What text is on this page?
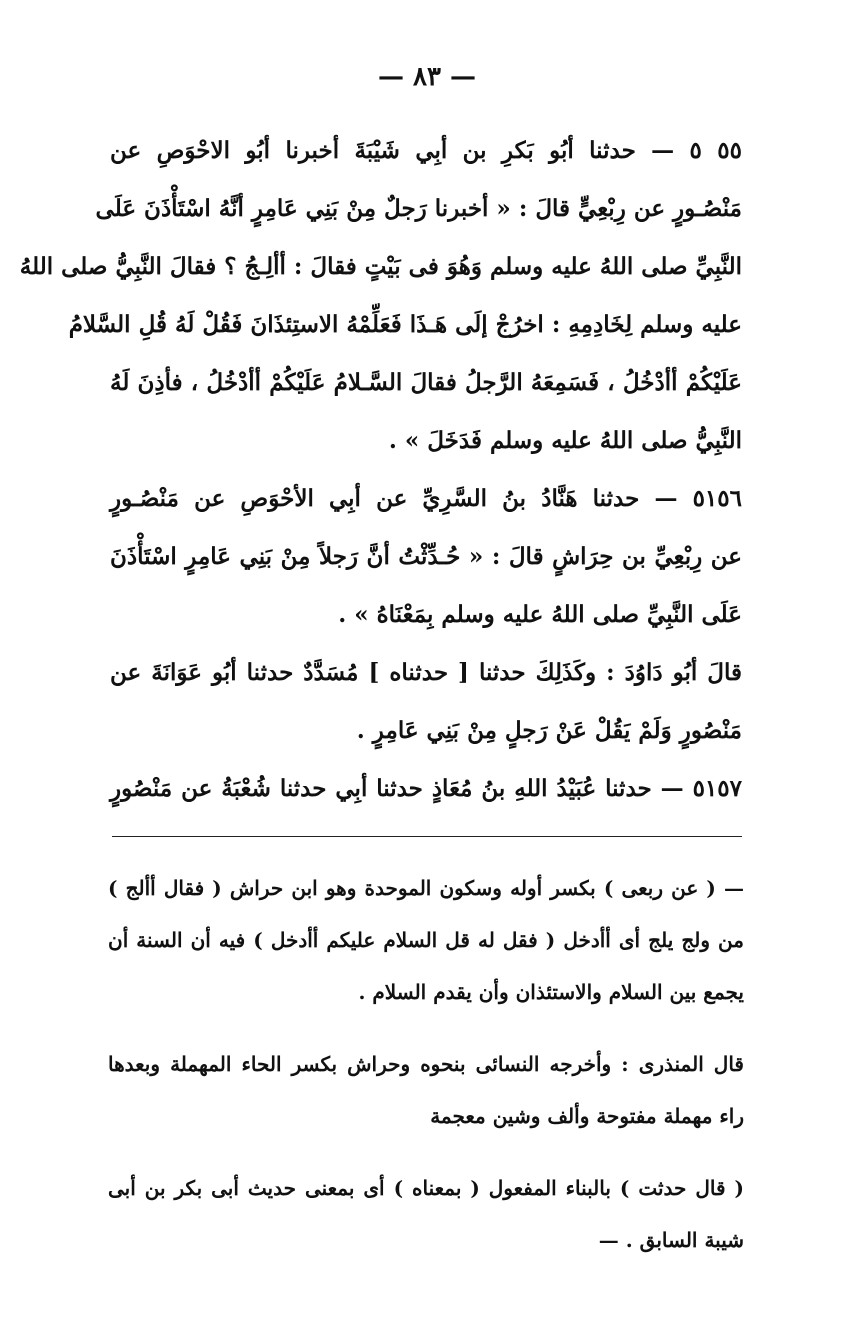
— ٨٣ —
٥٥ ٥ — حدثنا أبُو بَكرِ بن أبِي شَيْبَةَ أخبرنا أبُو الاحْوَصِ عن
مَنْصُـورٍ عن رِبْعِيٍّ قالَ : « أخبرنا رَجلٌ مِنْ بَنِي عَامِرٍ أنَّهُ اسْتَأْذَنَ عَلَى
النَّبِيِّ صلى اللهُ عليه وسلم وَهُوَ فى بَيْتٍ فقالَ : أألِـجُ ؟ فقالَ النَّبِيُّ صلى اللهُ
عليه وسلم لِخَادِمِهِ : اخرُجْ إلَى هَـذَا فَعَلِّمْهُ الاستِئذَانَ فَقُلْ لَهُ قُلِ السَّلامُ
عَلَيْكُمْ أأدْخُلُ ، فَسَمِعَهُ الرَّجلُ فقالَ السَّـلامُ عَلَيْكُمْ أأدْخُلُ ، فأذِنَ لَهُ
النَّبِيُّ صلى اللهُ عليه وسلم فَدَخَلَ » .
٥١٥٦ — حدثنا هَنَّادُ بنُ السَّرِيِّ عن أبِي الأحْوَصِ عن مَنْصُـورٍ
عن رِبْعِيِّ بن حِرَاشٍ قالَ : « حُـدِّثْتُ أنَّ رَجلاً مِنْ بَنِي عَامِرٍ اسْتَأْذَنَ
عَلَى النَّبِيِّ صلى اللهُ عليه وسلم بِمَعْنَاهُ » .
قالَ أبُو دَاوُدَ : وكَذَلِكَ حدثنا [ حدثناه ] مُسَدَّدٌ حدثنا أبُو عَوَانَةَ عن
مَنْصُورٍ وَلَمْ يَقُلْ عَنْ رَجلٍ مِنْ بَنِي عَامِرٍ .
٥١٥٧ — حدثنا عُبَيْدُ اللهِ بنُ مُعَاذٍ حدثنا أبِي حدثنا شُعْبَةُ عن مَنْصُورٍ
— ( عن ربعى ) بكسر أوله وسكون الموحدة وهو ابن حراش ( فقال أألج )
من ولج يلج أى أأدخل ( فقل له قل السلام عليكم أأدخل ) فيه أن السنة أن
يجمع بين السلام والاستئذان وأن يقدم السلام .
قال المنذرى : وأخرجه النسائى بنحوه وحراش بكسر الحاء المهملة وبعدها
راء مهملة مفتوحة وألف وشين معجمة
( قال حدثت ) بالبناء المفعول ( بمعناه ) أى بمعنى حديث أبى بكر بن أبى
شيبة السابق . —
